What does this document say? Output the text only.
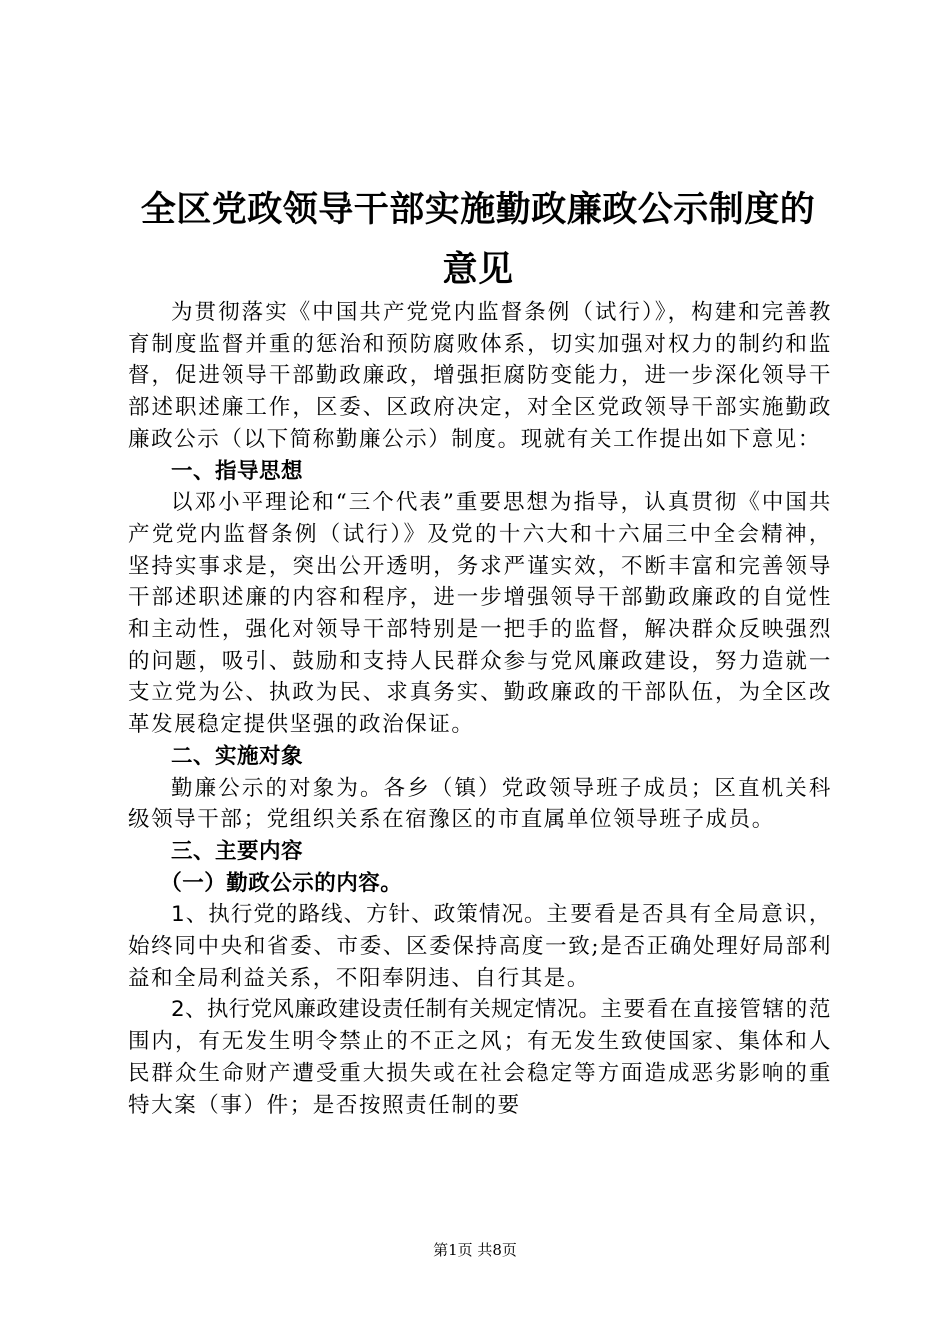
全区党政领导干部实施勤政廉政公示制度的意见

为贯彻落实《中国共产党党内监督条例（试行）》，构建和完善教育制度监督并重的惩治和预防腐败体系，切实加强对权力的制约和监督，促进领导干部勤政廉政，增强拒腐防变能力，进一步深化领导干部述职述廉工作，区委、区政府决定，对全区党政领导干部实施勤政廉政公示（以下简称勤廉公示）制度。现就有关工作提出如下意见：

一、指导思想

以邓小平理论和“三个代表”重要思想为指导，认真贯彻《中国共产党党内监督条例（试行）》及党的十六大和十六届三中全会精神，坚持实事求是，突出公开透明，务求严谨实效，不断丰富和完善领导干部述职述廉的内容和程序，进一步增强领导干部勤政廉政的自觉性和主动性，强化对领导干部特别是一把手的监督，解决群众反映强烈的问题，吸引、鼓励和支持人民群众参与党风廉政建设，努力造就一支立党为公、执政为民、求真务实、勤政廉政的干部队伍，为全区改革发展稳定提供坚强的政治保证。

二、实施对象

勤廉公示的对象为。各乡（镇）党政领导班子成员；区直机关科级领导干部；党组织关系在宿豫区的市直属单位领导班子成员。

三、主要内容
（一）勤政公示的内容。

1、执行党的路线、方针、政策情况。主要看是否具有全局意识，始终同中央和省委、市委、区委保持高度一致;是否正确处理好局部利益和全局利益关系，不阳奉阴违、自行其是。

2、执行党风廉政建设责任制有关规定情况。主要看在直接管辖的范围内，有无发生明令禁止的不正之风；有无发生致使国家、集体和人民群众生命财产遭受重大损失或在社会稳定等方面造成恶劣影响的重特大案（事）件；是否按照责任制的要

第1页 共8页
